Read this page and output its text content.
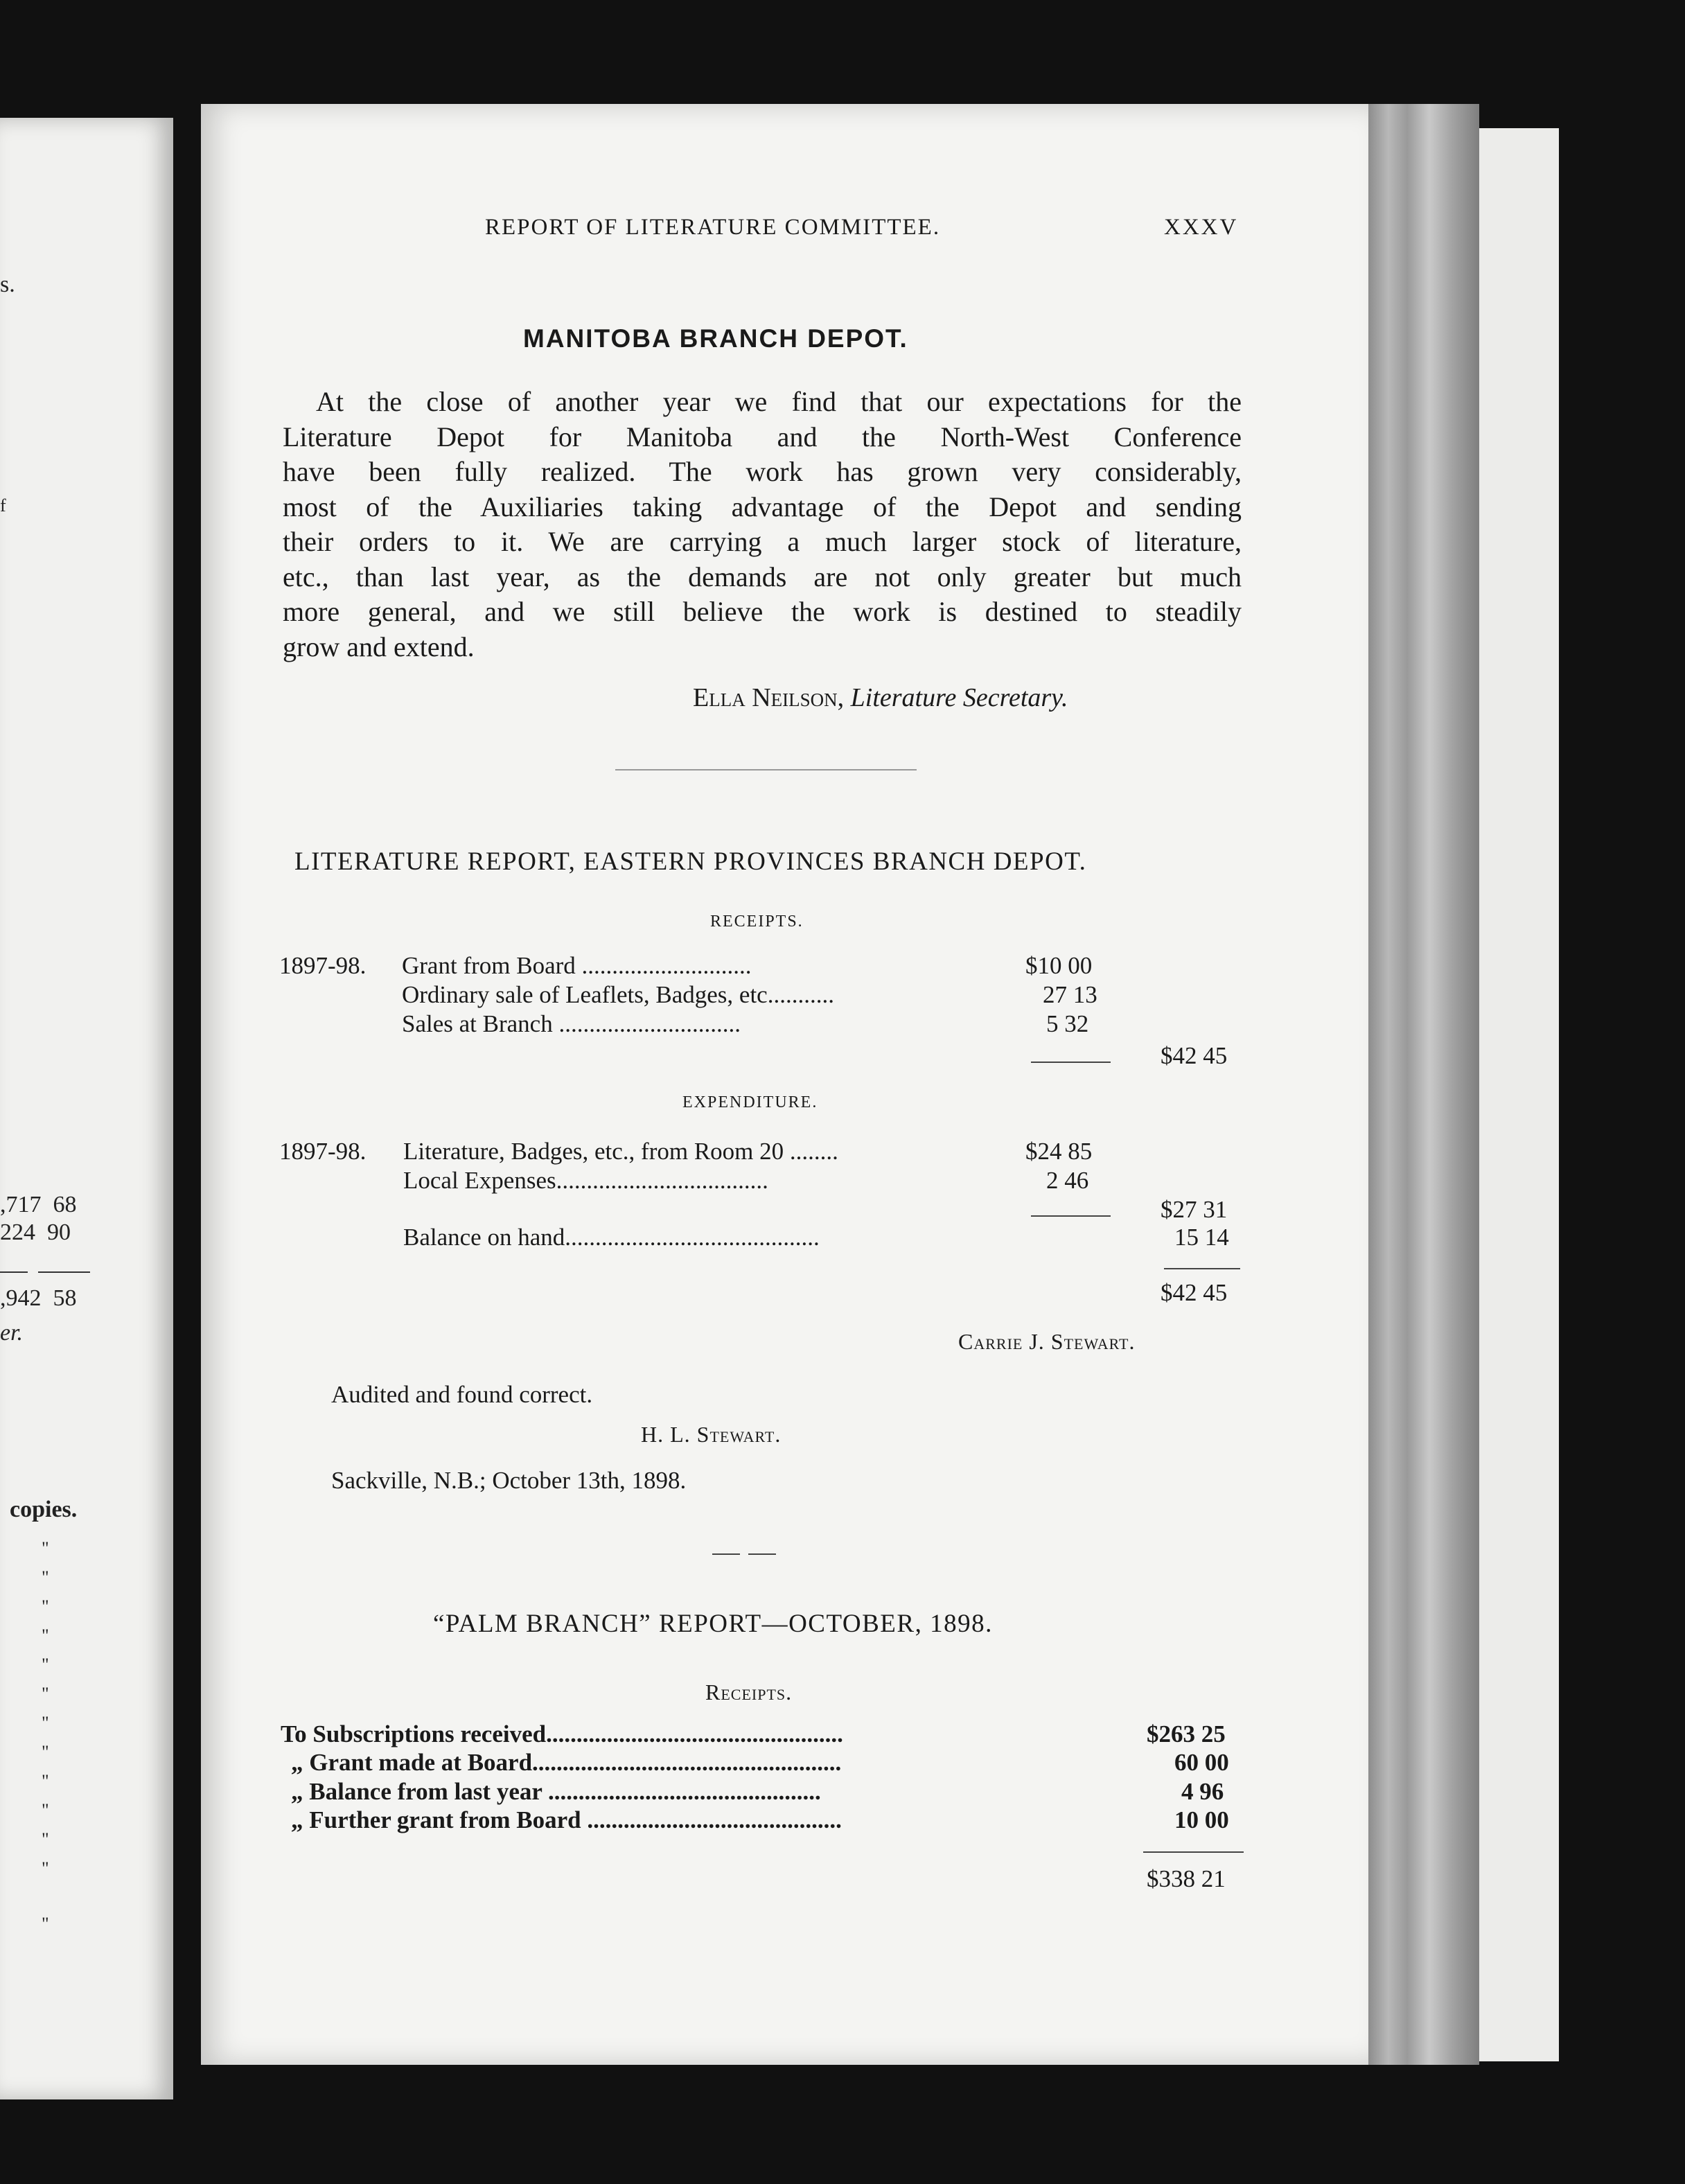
s.
f
,717  68
224  90
,942  58
er.
copies.
"
"
"
"
"
"
"
"
"
"
"
"
"
REPORT OF LITERATURE COMMITTEE.	XXXV
MANITOBA BRANCH DEPOT.
At the close of another year we find that our expectations for the
Literature Depot for Manitoba and the North-West Conference
have been fully realized. The work has grown very considerably,
most of the Auxiliaries taking advantage of the Depot and sending
their orders to it. We are carrying a much larger stock of literature,
etc., than last year, as the demands are not only greater but much
more general, and we still believe the work is destined to steadily
grow and extend.
Ella Neilson, Literature Secretary.
LITERATURE REPORT, EASTERN PROVINCES BRANCH DEPOT.
RECEIPTS.
1897-98. Grant from Board ............................	$10 00
Ordinary sale of Leaflets, Badges, etc...........	27 13
Sales at Branch ..............................	5 32
$42 45
EXPENDITURE.
1897-98. Literature, Badges, etc., from Room 20 ........	$24 85
Local Expenses...................................	2 46
$27 31
Balance on hand..........................................	15 14
$42 45
Carrie J. Stewart.
Audited and found correct.
H. L. Stewart.
Sackville, N.B.; October 13th, 1898.
“PALM BRANCH” REPORT—OCTOBER, 1898.
Receipts.
To Subscriptions received.................................................	$263 25
„ Grant made at Board...................................................	60 00
„ Balance from last year .............................................	4 96
„ Further grant from Board ..........................................	10 00
$338 21
